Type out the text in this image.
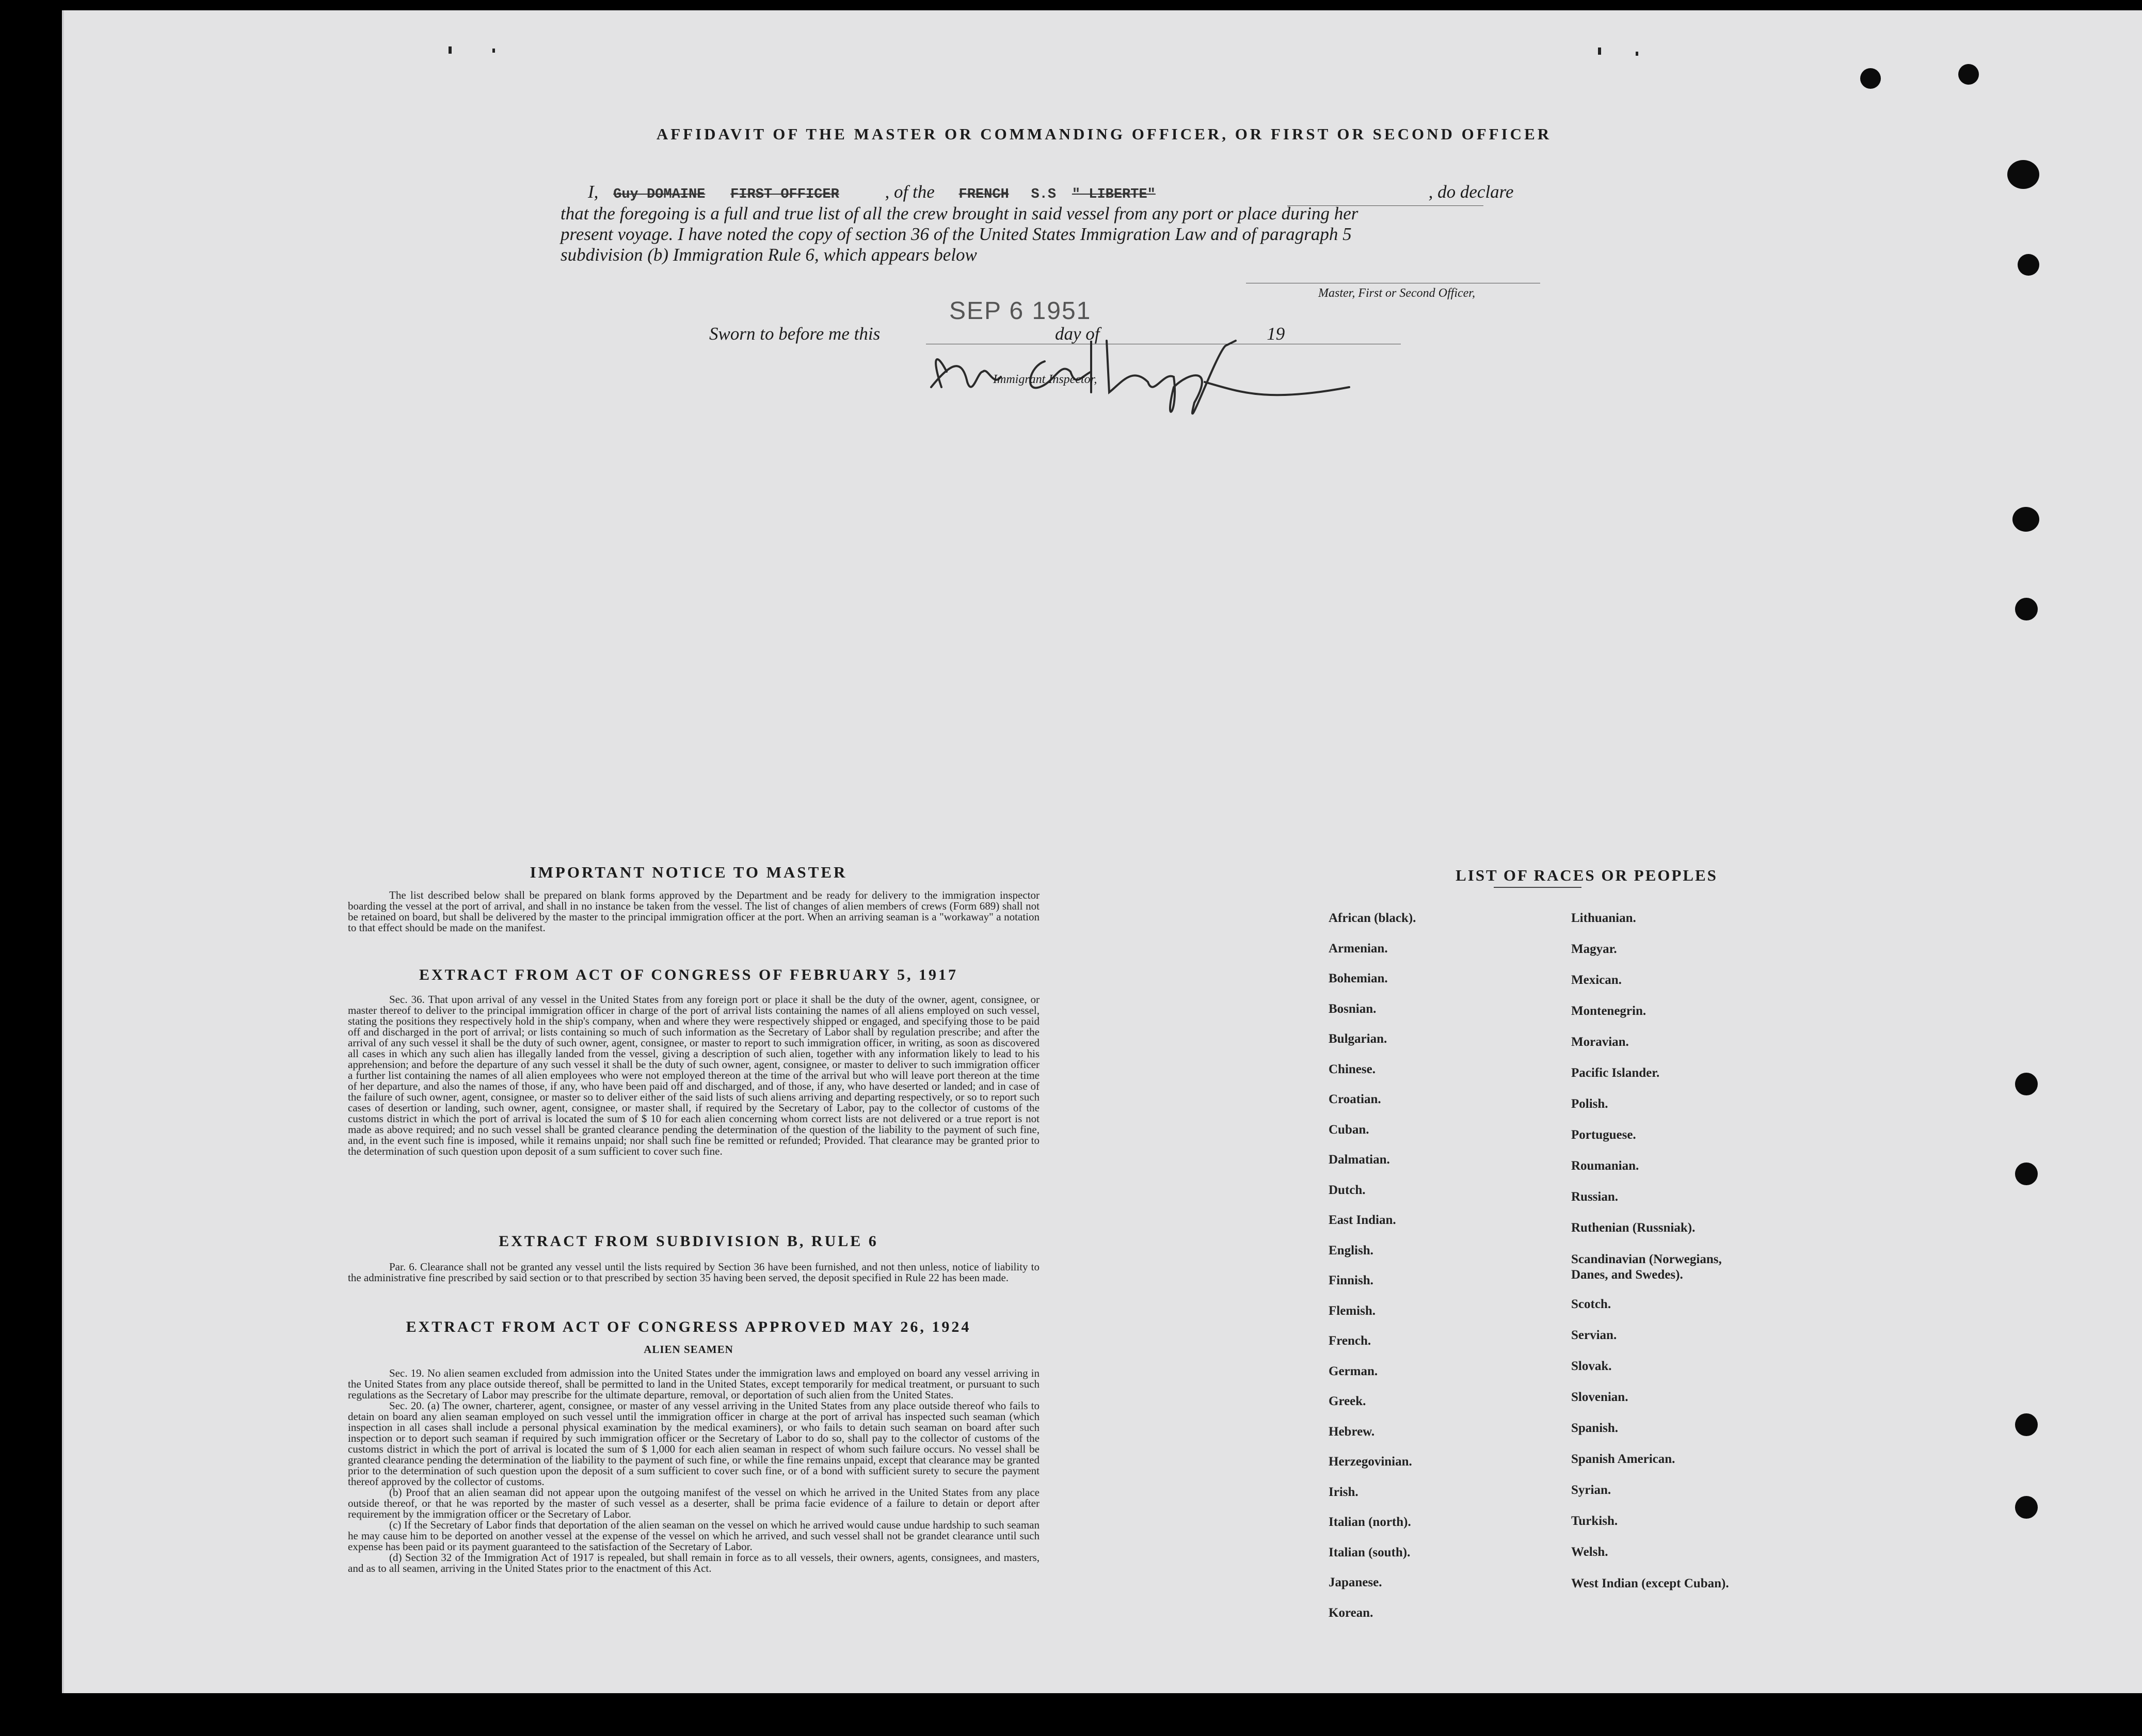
AFFIDAVIT OF THE MASTER OR COMMANDING OFFICER, OR FIRST OR SECOND OFFICER
I, Guy DOMAINE FIRST OFFICER	, of the FRENCH S.S " LIBERTE"	, do declare
that the foregoing is a full and true list of all the crew brought in said vessel from any port or place during her
present voyage. I have noted the copy of section 36 of the United States Immigration Law and of paragraph 5
subdivision (b) Immigration Rule 6, which appears below
Master, First or Second Officer,
SEP 6 1951
Sworn to before me this	day of	19
Immigrant Inspector,
IMPORTANT NOTICE TO MASTER

The list described below shall be prepared on blank forms approved by the Department and be ready for delivery to the immigration inspector boarding the vessel at the port of arrival, and shall in no instance be taken from the vessel. The list of changes of alien members of crews (Form 689) shall not be retained on board, but shall be delivered by the master to the principal immigration officer at the port. When an arriving seaman is a "workaway" a notation to that effect should be made on the manifest.

EXTRACT FROM ACT OF CONGRESS OF FEBRUARY 5, 1917

Sec. 36. That upon arrival of any vessel in the United States from any foreign port or place it shall be the duty of the owner, agent, consignee, or master thereof to deliver to the principal immigration officer in charge of the port of arrival lists containing the names of all aliens employed on such vessel, stating the positions they respectively hold in the ship's company, when and where they were respectively shipped or engaged, and specifying those to be paid off and discharged in the port of arrival; or lists containing so much of such information as the Secretary of Labor shall by regulation prescribe; and after the arrival of any such vessel it shall be the duty of such owner, agent, consignee, or master to report to such immigration officer, in writing, as soon as discovered all cases in which any such alien has illegally landed from the vessel, giving a description of such alien, together with any information likely to lead to his apprehension; and before the departure of any such vessel it shall be the duty of such owner, agent, consignee, or master to deliver to such immigration officer a further list containing the names of all alien employees who were not employed thereon at the time of the arrival but who will leave port thereon at the time of her departure, and also the names of those, if any, who have been paid off and discharged, and of those, if any, who have deserted or landed; and in case of the failure of such owner, agent, consignee, or master so to deliver either of the said lists of such aliens arriving and departing respectively, or so to report such cases of desertion or landing, such owner, agent, consignee, or master shall, if required by the Secretary of Labor, pay to the collector of customs of the customs district in which the port of arrival is located the sum of $ 10 for each alien concerning whom correct lists are not delivered or a true report is not made as above required; and no such vessel shall be granted clearance pending the determination of the question of the liability to the payment of such fine, and, in the event such fine is imposed, while it remains unpaid; nor shall such fine be remitted or refunded; Provided. That clearance may be granted prior to the determination of such question upon deposit of a sum sufficient to cover such fine.

EXTRACT FROM SUBDIVISION B, RULE 6

Par. 6. Clearance shall not be granted any vessel until the lists required by Section 36 have been furnished, and not then unless, notice of liability to the administrative fine prescribed by said section or to that prescribed by section 35 having been served, the deposit specified in Rule 22 has been made.

EXTRACT FROM ACT OF CONGRESS APPROVED MAY 26, 1924
ALIEN SEAMEN

Sec. 19. No alien seamen excluded from admission into the United States under the immigration laws and employed on board any vessel arriving in the United States from any place outside thereof, shall be permitted to land in the United States, except temporarily for medical treatment, or pursuant to such regulations as the Secretary of Labor may prescribe for the ultimate departure, removal, or deportation of such alien from the United States.

Sec. 20. (a) The owner, charterer, agent, consignee, or master of any vessel arriving in the United States from any place outside thereof who fails to detain on board any alien seaman employed on such vessel until the immigration officer in charge at the port of arrival has inspected such seaman (which inspection in all cases shall include a personal physical examination by the medical examiners), or who fails to detain such seaman on board after such inspection or to deport such seaman if required by such immigration officer or the Secretary of Labor to do so, shall pay to the collector of customs of the customs district in which the port of arrival is located the sum of $ 1,000 for each alien seaman in respect of whom such failure occurs. No vessel shall be granted clearance pending the determination of the liability to the payment of such fine, or while the fine remains unpaid, except that clearance may be granted prior to the determination of such question upon the deposit of a sum sufficient to cover such fine, or of a bond with sufficient surety to secure the payment thereof approved by the collector of customs.

(b) Proof that an alien seaman did not appear upon the outgoing manifest of the vessel on which he arrived in the United States from any place outside thereof, or that he was reported by the master of such vessel as a deserter, shall be prima facie evidence of a failure to detain or deport after requirement by the immigration officer or the Secretary of Labor.

(c) If the Secretary of Labor finds that deportation of the alien seaman on the vessel on which he arrived would cause undue hardship to such seaman he may cause him to be deported on another vessel at the expense of the vessel on which he arrived, and such vessel shall not be grandet clearance until such expense has been paid or its payment guaranteed to the satisfaction of the Secretary of Labor.

(d) Section 32 of the Immigration Act of 1917 is repealed, but shall remain in force as to all vessels, their owners, agents, consignees, and masters, and as to all seamen, arriving in the United States prior to the enactment of this Act.

LIST OF RACES OR PEOPLES
African (black).
Armenian.
Bohemian.
Bosnian.
Bulgarian.
Chinese.
Croatian.
Cuban.
Dalmatian.
Dutch.
East Indian.
English.
Finnish.
Flemish.
French.
German.
Greek.
Hebrew.
Herzegovinian.
Irish.
Italian (north).
Italian (south).
Japanese.
Korean.
Lithuanian.
Magyar.
Mexican.
Montenegrin.
Moravian.
Pacific Islander.
Polish.
Portuguese.
Roumanian.
Russian.
Ruthenian (Russniak).
Scandinavian (Norwegians, Danes, and Swedes).
Scotch.
Servian.
Slovak.
Slovenian.
Spanish.
Spanish American.
Syrian.
Turkish.
Welsh.
West Indian (except Cuban).
